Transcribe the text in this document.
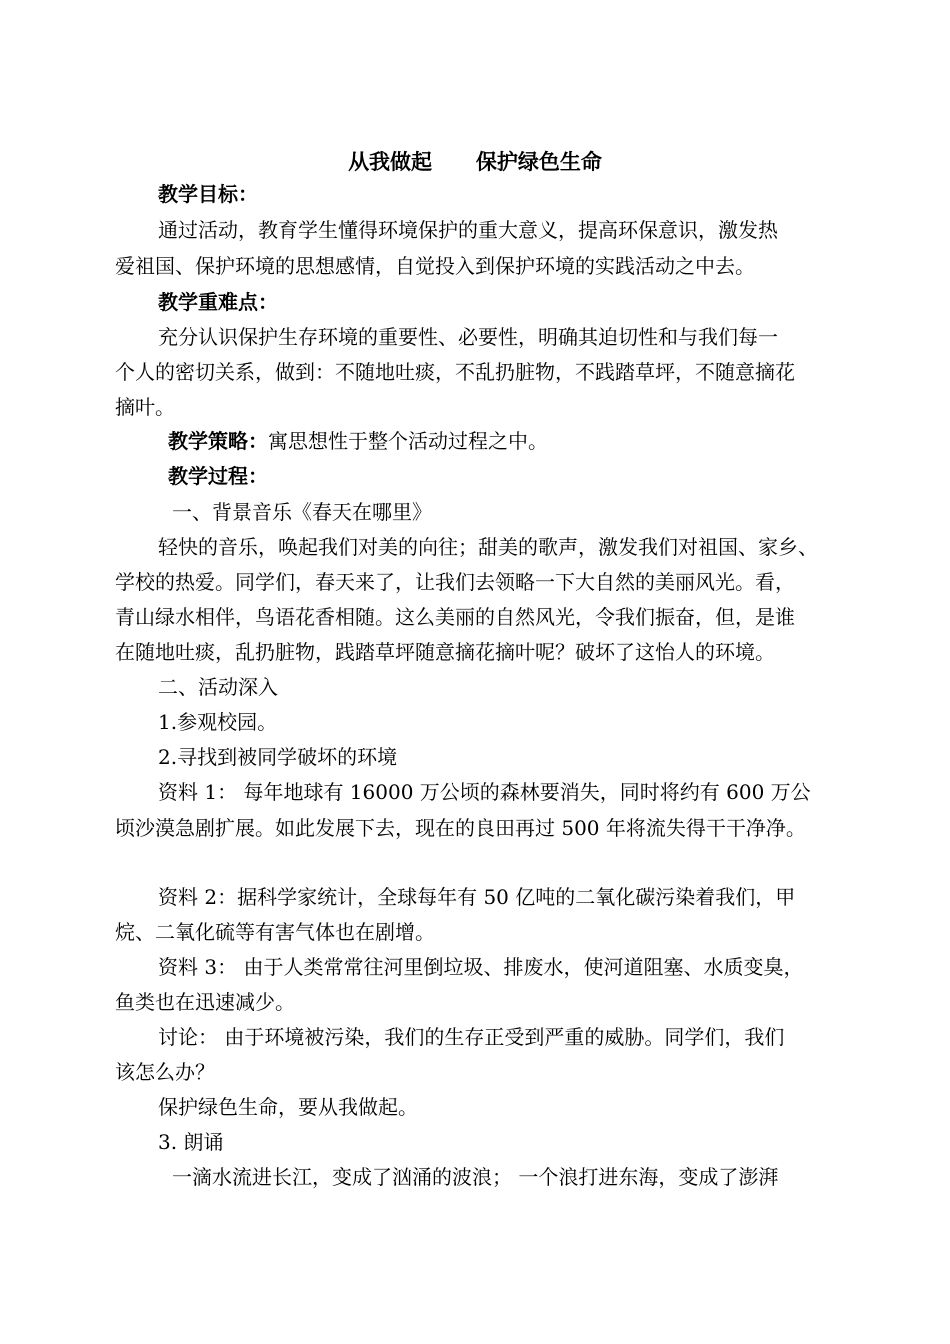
从我做起      保护绿色生命
教学目标：
通过活动，教育学生懂得环境保护的重大意义，提高环保意识，激发热
爱祖国、保护环境的思想感情，自觉投入到保护环境的实践活动之中去。
教学重难点：
充分认识保护生存环境的重要性、必要性，明确其迫切性和与我们每一
个人的密切关系，做到：不随地吐痰，不乱扔脏物，不践踏草坪，不随意摘花
摘叶。
教学策略：寓思想性于整个活动过程之中。
教学过程：
一、背景音乐《春天在哪里》
轻快的音乐，唤起我们对美的向往；甜美的歌声，激发我们对祖国、家乡、
学校的热爱。同学们，春天来了，让我们去领略一下大自然的美丽风光。看，
青山绿水相伴，鸟语花香相随。这么美丽的自然风光，令我们振奋，但，是谁
在随地吐痰，乱扔脏物，践踏草坪随意摘花摘叶呢？破坏了这怡人的环境。
二、活动深入
1.参观校园。
2.寻找到被同学破坏的环境
资料 1： 每年地球有 16000 万公顷的森林要消失，同时将约有 600 万公
顷沙漠急剧扩展。如此发展下去，现在的良田再过 500 年将流失得干干净净。
资料 2：据科学家统计，全球每年有 50 亿吨的二氧化碳污染着我们，甲
烷、二氧化硫等有害气体也在剧增。
资料 3： 由于人类常常往河里倒垃圾、排废水，使河道阻塞、水质变臭，
鱼类也在迅速减少。
讨论： 由于环境被污染，我们的生存正受到严重的威胁。同学们，我们
该怎么办？
保护绿色生命，要从我做起。
3. 朗诵
一滴水流进长江，变成了汹涌的波浪； 一个浪打进东海，变成了澎湃
